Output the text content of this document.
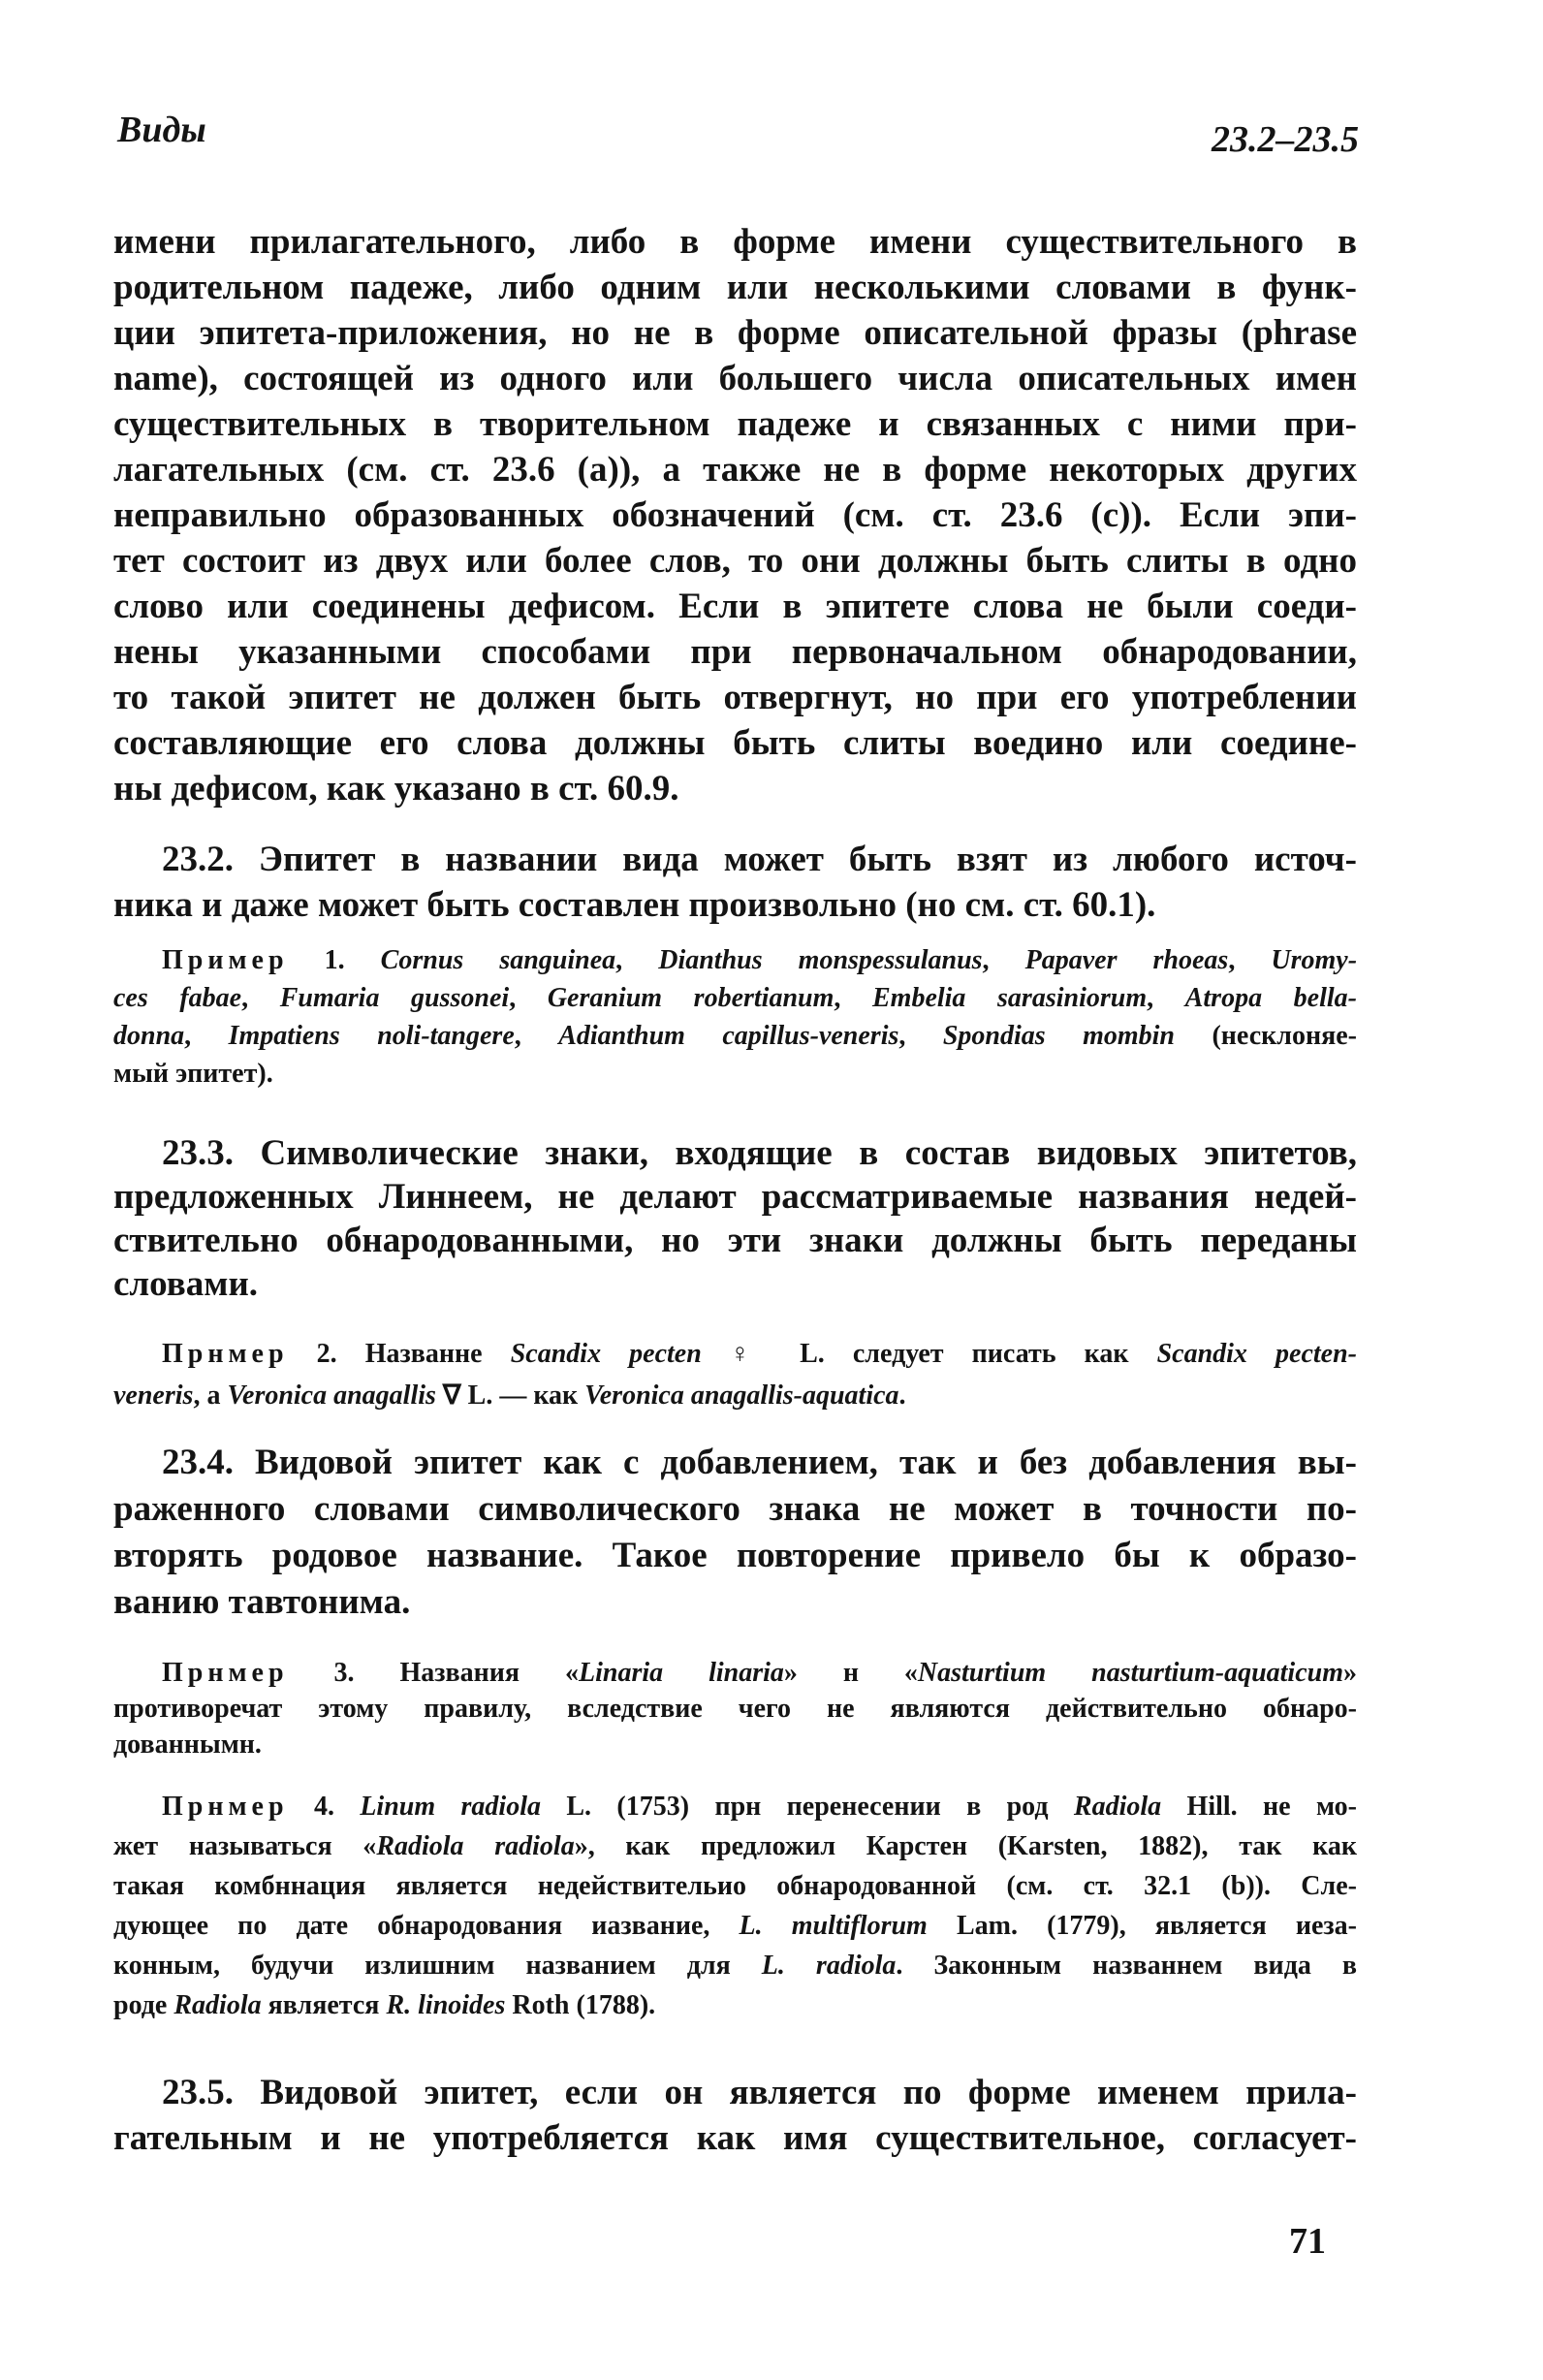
Виды	23.2–23.5
имени прилагательного, либо в форме имени существительного в
родительном падеже, либо одним или несколькими словами в функ-
ции эпитета-приложения, но не в форме описательной фразы (phrase
name), состоящей из одного или большего числа описательных имен
существительных в творительном падеже и связанных с ними при-
лагательных (см. ст. 23.6 (a)), а также не в форме некоторых других
неправильно образованных обозначений (см. ст. 23.6 (c)). Если эпи-
тет состоит из двух или более слов, то они должны быть слиты в одно
слово или соединены дефисом. Если в эпитете слова не были соеди-
нены указанными способами при первоначальном обнародовании,
то такой эпитет не должен быть отвергнут, но при его употреблении
составляющие его слова должны быть слиты воедино или соедине-
ны дефисом, как указано в ст. 60.9.
23.2. Эпитет в названии вида может быть взят из любого источ-
ника и даже может быть составлен произвольно (но см. ст. 60.1).
Пример 1. Cornus sanguinea, Dianthus monspessulanus, Papaver rhoeas, Uromy-
ces fabae, Fumaria gussonei, Geranium robertianum, Embelia sarasiniorum, Atropa bella-
donna, Impatiens noli-tangere, Adianthum capillus-veneris, Spondias mombin (несклоняе-
мый эпитет).
23.3. Символические знаки, входящие в состав видовых эпитетов,
предложенных Линнеем, не делают рассматриваемые названия недей-
ствительно обнародованными, но эти знаки должны быть переданы
словами.
Прнмер 2. Названне Scandix pecten ♀ L. следует писать как Scandix pecten-
veneris, а Veronica anagallis ∇ L. — как Veronica anagallis-aquatica.
23.4. Видовой эпитет как с добавлением, так и без добавления вы-
раженного словами символического знака не может в точности по-
вторять родовое название. Такое повторение привело бы к образо-
ванию тавтонима.
Прнмер 3. Названия «Linaria linaria» н «Nasturtium nasturtium-aquaticum»
противоречат этому правилу, вследствие чего не являются действительно обнаро-
дованнымн.
Прнмер 4. Linum radiola L. (1753) прн перенесении в род Radiola Hill. не мо-
жет называться «Radiola radiola», как предложил Карстен (Karsten, 1882), так как
такая комбннация является недействительио обнародованной (см. ст. 32.1 (b)). Сле-
дующее по дате обнародования иазвание, L. multiflorum Lam. (1779), является иеза-
конным, будучи излишним названием для L. radiola. Законным названнем вида в
роде Radiola является R. linoides Roth (1788).
23.5. Видовой эпитет, если он является по форме именем прила-
гательным и не употребляется как имя существительное, согласует-
71
